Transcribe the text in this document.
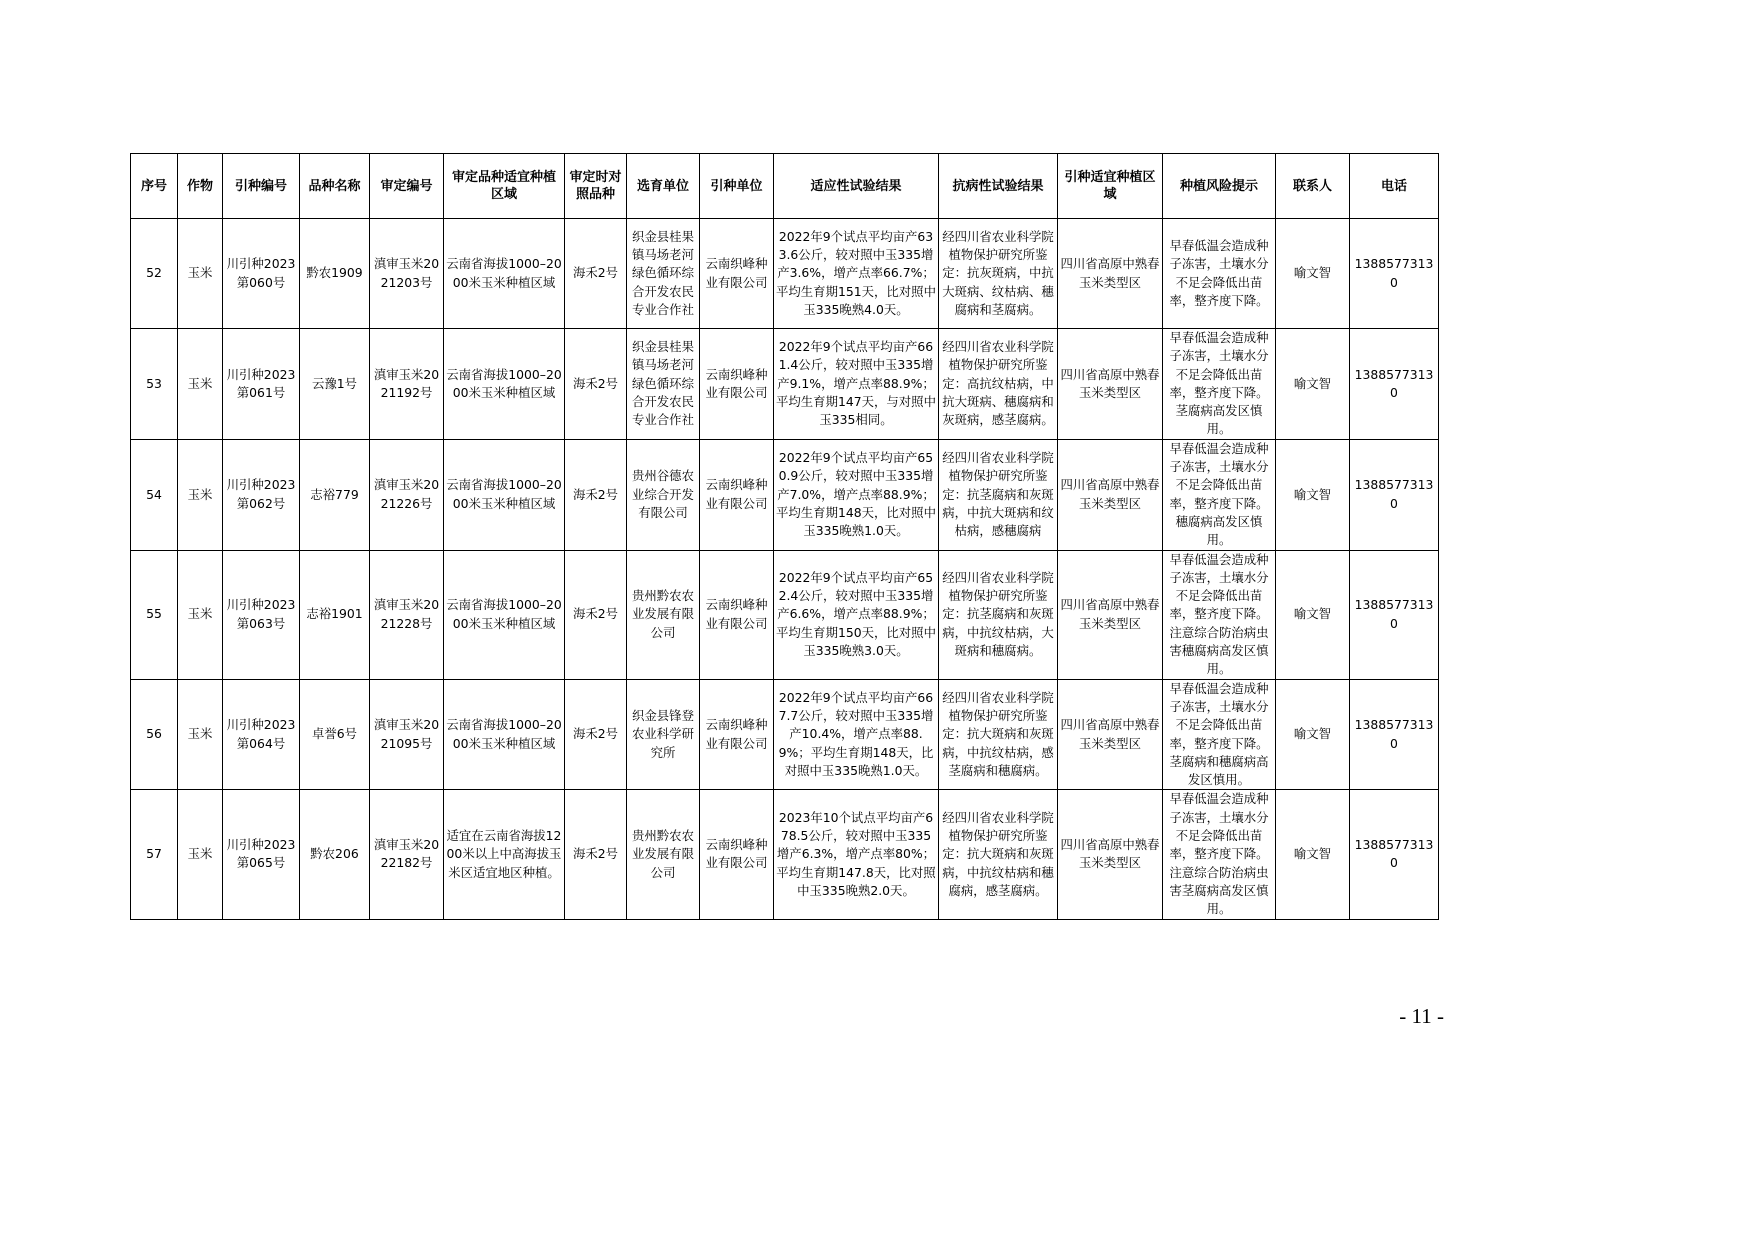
序号	作物	引种编号	品种名称	审定编号	审定品种适宜种植区域	审定时对照品种	选育单位	引种单位	适应性试验结果	抗病性试验结果	引种适宜种植区域	种植风险提示	联系人	电话
52	玉米	川引种2023第060号	黔农1909	滇审玉米2021203号	云南省海拔1000–2000米玉米种植区域	海禾2号	织金县桂果镇马场老河绿色循环综合开发农民专业合作社	云南织峰种业有限公司	2022年9个试点平均亩产633.6公斤，较对照中玉335增产3.6%，增产点率66.7%；平均生育期151天，比对照中玉335晚熟4.0天。	经四川省农业科学院植物保护研究所鉴定：抗灰斑病，中抗大斑病、纹枯病、穗腐病和茎腐病。	四川省高原中熟春玉米类型区	早春低温会造成种子冻害，土壤水分不足会降低出苗率，整齐度下降。	喻文智	13885773130
53	玉米	川引种2023第061号	云豫1号	滇审玉米2021192号	云南省海拔1000–2000米玉米种植区域	海禾2号	织金县桂果镇马场老河绿色循环综合开发农民专业合作社	云南织峰种业有限公司	2022年9个试点平均亩产661.4公斤，较对照中玉335增产9.1%，增产点率88.9%；平均生育期147天，与对照中玉335相同。	经四川省农业科学院植物保护研究所鉴定：高抗纹枯病，中抗大斑病、穗腐病和灰斑病，感茎腐病。	四川省高原中熟春玉米类型区	早春低温会造成种子冻害，土壤水分不足会降低出苗率，整齐度下降。茎腐病高发区慎用。	喻文智	13885773130
54	玉米	川引种2023第062号	志裕779	滇审玉米2021226号	云南省海拔1000–2000米玉米种植区域	海禾2号	贵州谷德农业综合开发有限公司	云南织峰种业有限公司	2022年9个试点平均亩产650.9公斤，较对照中玉335增产7.0%，增产点率88.9%；平均生育期148天，比对照中玉335晚熟1.0天。	经四川省农业科学院植物保护研究所鉴定：抗茎腐病和灰斑病，中抗大斑病和纹枯病，感穗腐病	四川省高原中熟春玉米类型区	早春低温会造成种子冻害，土壤水分不足会降低出苗率，整齐度下降。穗腐病高发区慎用。	喻文智	13885773130
55	玉米	川引种2023第063号	志裕1901	滇审玉米2021228号	云南省海拔1000–2000米玉米种植区域	海禾2号	贵州黔农农业发展有限公司	云南织峰种业有限公司	2022年9个试点平均亩产652.4公斤，较对照中玉335增产6.6%，增产点率88.9%；平均生育期150天，比对照中玉335晚熟3.0天。	经四川省农业科学院植物保护研究所鉴定：抗茎腐病和灰斑病，中抗纹枯病，大斑病和穗腐病。	四川省高原中熟春玉米类型区	早春低温会造成种子冻害，土壤水分不足会降低出苗率，整齐度下降。注意综合防治病虫害穗腐病高发区慎用。	喻文智	13885773130
56	玉米	川引种2023第064号	卓誉6号	滇审玉米2021095号	云南省海拔1000–2000米玉米种植区域	海禾2号	织金县锋登农业科学研究所	云南织峰种业有限公司	2022年9个试点平均亩产667.7公斤，较对照中玉335增产10.4%，增产点率88.9%；平均生育期148天，比对照中玉335晚熟1.0天。	经四川省农业科学院植物保护研究所鉴定：抗大斑病和灰斑病，中抗纹枯病，感茎腐病和穗腐病。	四川省高原中熟春玉米类型区	早春低温会造成种子冻害，土壤水分不足会降低出苗率，整齐度下降。茎腐病和穗腐病高发区慎用。	喻文智	13885773130
57	玉米	川引种2023第065号	黔农206	滇审玉米2022182号	适宜在云南省海拔1200米以上中高海拔玉米区适宜地区种植。	海禾2号	贵州黔农农业发展有限公司	云南织峰种业有限公司	2023年10个试点平均亩产678.5公斤，较对照中玉335增产6.3%，增产点率80%；平均生育期147.8天，比对照中玉335晚熟2.0天。	经四川省农业科学院植物保护研究所鉴定：抗大斑病和灰斑病，中抗纹枯病和穗腐病，感茎腐病。	四川省高原中熟春玉米类型区	早春低温会造成种子冻害，土壤水分不足会降低出苗率，整齐度下降。注意综合防治病虫害茎腐病高发区慎用。	喻文智	13885773130
- 11 -
